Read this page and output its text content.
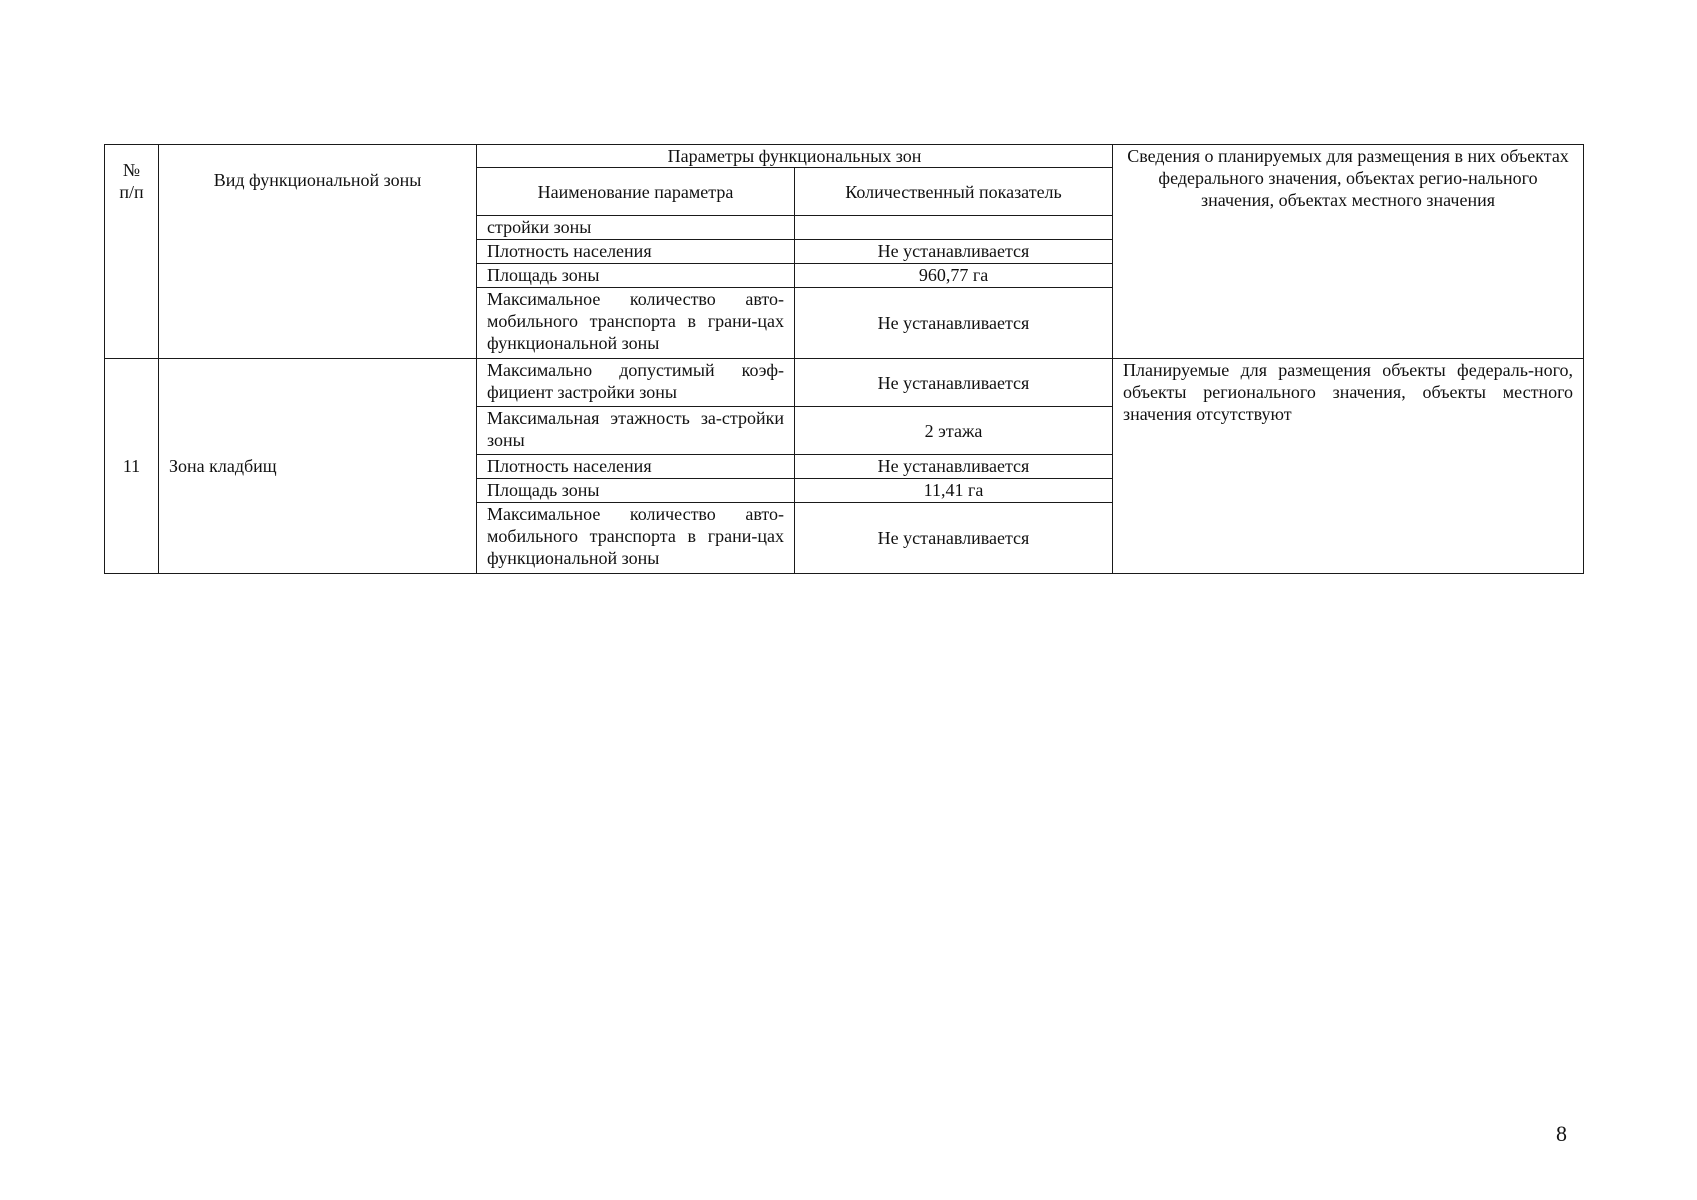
№
п/п	Вид функциональной зоны	Параметры функциональных зон		Сведения о планируемых для размещения в них объектах федерального значения, объектах регио-нального значения, объектах местного значения
		Наименование параметра	Количественный показатель	
		стройки зоны		
		Плотность населения	Не устанавливается	
		Площадь зоны	960,77 га	
		Максимальное количество авто-мобильного транспорта в грани-цах функциональной зоны	Не устанавливается	
11	Зона кладбищ	Максимально допустимый коэф-фициент застройки зоны	Не устанавливается	Планируемые для размещения объекты федераль-ного, объекты регионального значения, объекты местного значения отсутствуют
		Максимальная этажность за-стройки зоны	2 этажа	
		Плотность населения	Не устанавливается	
		Площадь зоны	11,41 га	
		Максимальное количество авто-мобильного транспорта в грани-цах функциональной зоны	Не устанавливается	
8
